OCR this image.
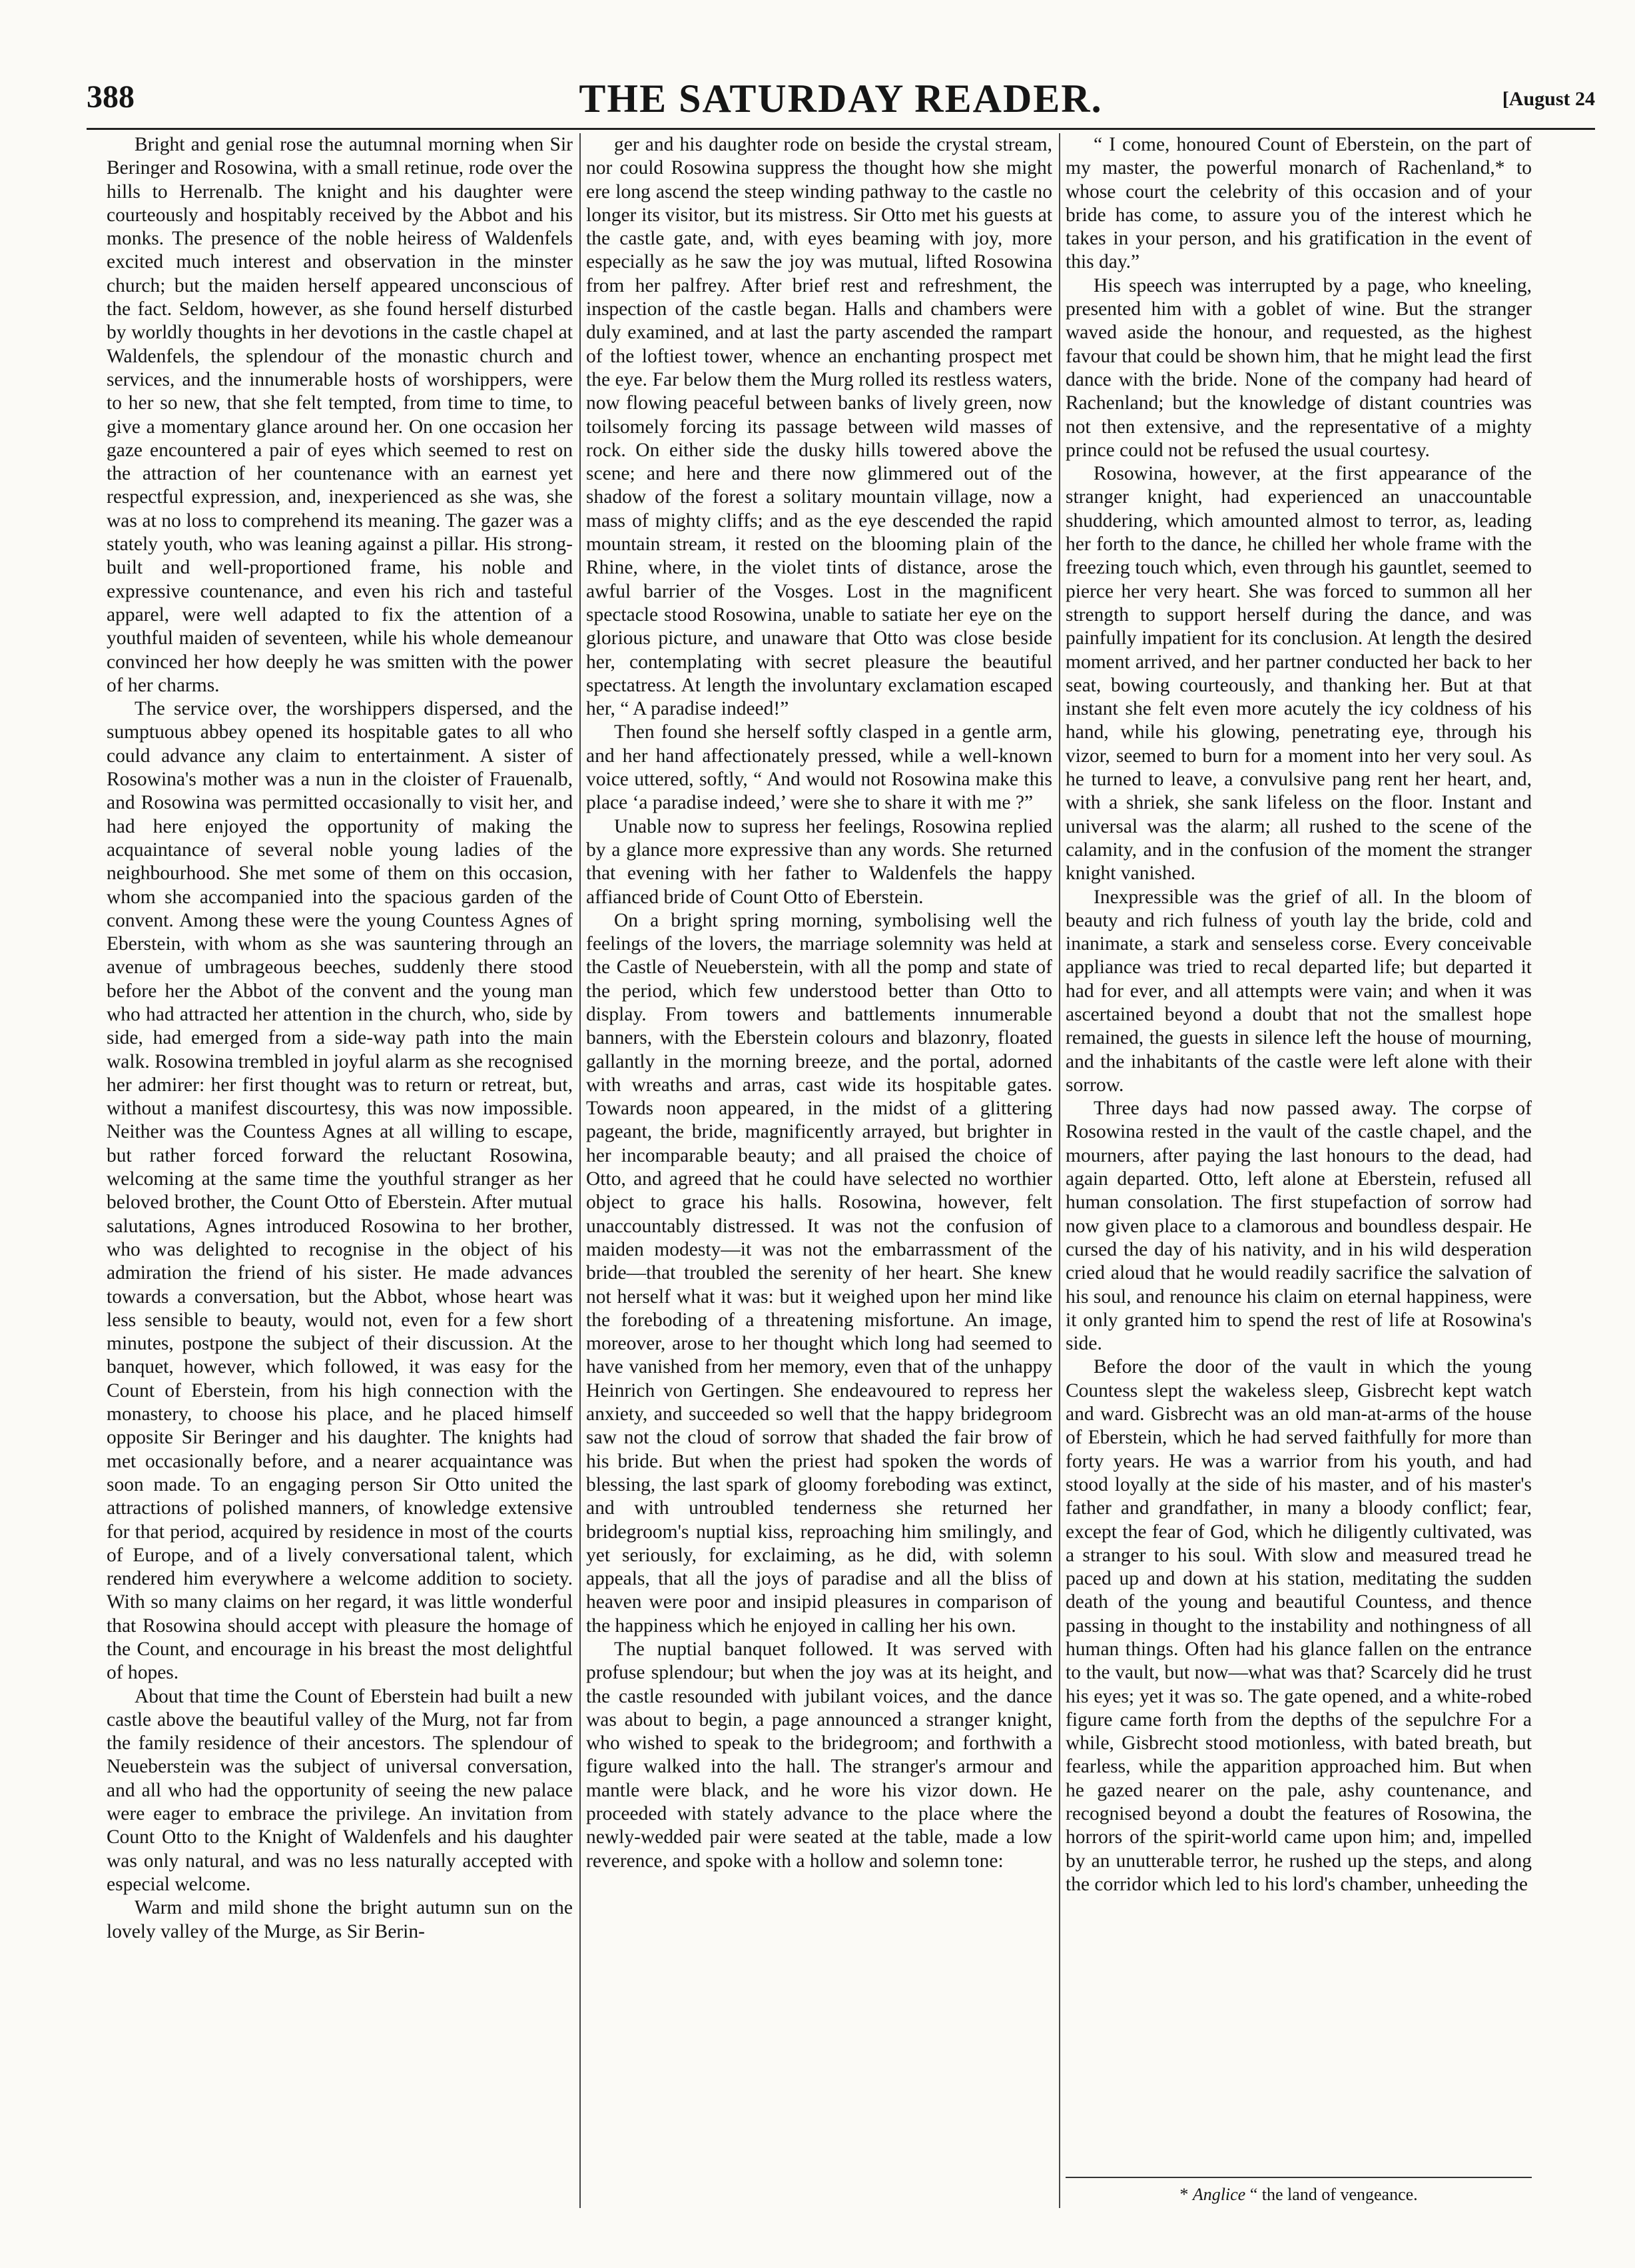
388	THE SATURDAY READER.	[August 24

Bright and genial rose the autumnal morning when Sir Beringer and Rosowina, with a small retinue, rode over the hills to Herrenalb. The knight and his daughter were courteously and hospitably received by the Abbot and his monks. The presence of the noble heiress of Waldenfels excited much interest and observation in the minster church; but the maiden herself appeared unconscious of the fact. Seldom, however, as she found herself disturbed by worldly thoughts in her devotions in the castle chapel at Waldenfels, the splendour of the monastic church and services, and the innumerable hosts of worshippers, were to her so new, that she felt tempted, from time to time, to give a momentary glance around her. On one occasion her gaze encountered a pair of eyes which seemed to rest on the attraction of her countenance with an earnest yet respectful expression, and, inexperienced as she was, she was at no loss to comprehend its meaning. The gazer was a stately youth, who was leaning against a pillar. His strong-built and well-proportioned frame, his noble and expressive countenance, and even his rich and tasteful apparel, were well adapted to fix the attention of a youthful maiden of seventeen, while his whole demeanour convinced her how deeply he was smitten with the power of her charms.

The service over, the worshippers dispersed, and the sumptuous abbey opened its hospitable gates to all who could advance any claim to entertainment. A sister of Rosowina's mother was a nun in the cloister of Frauenalb, and Rosowina was permitted occasionally to visit her, and had here enjoyed the opportunity of making the acquaintance of several noble young ladies of the neighbourhood. She met some of them on this occasion, whom she accompanied into the spacious garden of the convent. Among these were the young Countess Agnes of Eberstein, with whom as she was sauntering through an avenue of umbrageous beeches, suddenly there stood before her the Abbot of the convent and the young man who had attracted her attention in the church, who, side by side, had emerged from a side-way path into the main walk. Rosowina trembled in joyful alarm as she recognised her admirer: her first thought was to return or retreat, but, without a manifest discourtesy, this was now impossible. Neither was the Countess Agnes at all willing to escape, but rather forced forward the reluctant Rosowina, welcoming at the same time the youthful stranger as her beloved brother, the Count Otto of Eberstein. After mutual salutations, Agnes introduced Rosowina to her brother, who was delighted to recognise in the object of his admiration the friend of his sister. He made advances towards a conversation, but the Abbot, whose heart was less sensible to beauty, would not, even for a few short minutes, postpone the subject of their discussion. At the banquet, however, which followed, it was easy for the Count of Eberstein, from his high connection with the monastery, to choose his place, and he placed himself opposite Sir Beringer and his daughter. The knights had met occasionally before, and a nearer acquaintance was soon made. To an engaging person Sir Otto united the attractions of polished manners, of knowledge extensive for that period, acquired by residence in most of the courts of Europe, and of a lively conversational talent, which rendered him everywhere a welcome addition to society. With so many claims on her regard, it was little wonderful that Rosowina should accept with pleasure the homage of the Count, and encourage in his breast the most delightful of hopes.

About that time the Count of Eberstein had built a new castle above the beautiful valley of the Murg, not far from the family residence of their ancestors. The splendour of Neueberstein was the subject of universal conversation, and all who had the opportunity of seeing the new palace were eager to embrace the privilege. An invitation from Count Otto to the Knight of Waldenfels and his daughter was only natural, and was no less naturally accepted with especial welcome.

Warm and mild shone the bright autumn sun on the lovely valley of the Murge, as Sir Berin-

ger and his daughter rode on beside the crystal stream, nor could Rosowina suppress the thought how she might ere long ascend the steep winding pathway to the castle no longer its visitor, but its mistress. Sir Otto met his guests at the castle gate, and, with eyes beaming with joy, more especially as he saw the joy was mutual, lifted Rosowina from her palfrey. After brief rest and refreshment, the inspection of the castle began. Halls and chambers were duly examined, and at last the party ascended the rampart of the loftiest tower, whence an enchanting prospect met the eye. Far below them the Murg rolled its restless waters, now flowing peaceful between banks of lively green, now toilsomely forcing its passage between wild masses of rock. On either side the dusky hills towered above the scene; and here and there now glimmered out of the shadow of the forest a solitary mountain village, now a mass of mighty cliffs; and as the eye descended the rapid mountain stream, it rested on the blooming plain of the Rhine, where, in the violet tints of distance, arose the awful barrier of the Vosges. Lost in the magnificent spectacle stood Rosowina, unable to satiate her eye on the glorious picture, and unaware that Otto was close beside her, contemplating with secret pleasure the beautiful spectatress. At length the involuntary exclamation escaped her, “ A paradise indeed!”

Then found she herself softly clasped in a gentle arm, and her hand affectionately pressed, while a well-known voice uttered, softly, “ And would not Rosowina make this place ‘a paradise indeed,’ were she to share it with me ?”

Unable now to supress her feelings, Rosowina replied by a glance more expressive than any words. She returned that evening with her father to Waldenfels the happy affianced bride of Count Otto of Eberstein.

On a bright spring morning, symbolising well the feelings of the lovers, the marriage solemnity was held at the Castle of Neueberstein, with all the pomp and state of the period, which few understood better than Otto to display. From towers and battlements innumerable banners, with the Eberstein colours and blazonry, floated gallantly in the morning breeze, and the portal, adorned with wreaths and arras, cast wide its hospitable gates. Towards noon appeared, in the midst of a glittering pageant, the bride, magnificently arrayed, but brighter in her incomparable beauty; and all praised the choice of Otto, and agreed that he could have selected no worthier object to grace his halls. Rosowina, however, felt unaccountably distressed. It was not the confusion of maiden modesty—it was not the embarrassment of the bride—that troubled the serenity of her heart. She knew not herself what it was: but it weighed upon her mind like the foreboding of a threatening misfortune. An image, moreover, arose to her thought which long had seemed to have vanished from her memory, even that of the unhappy Heinrich von Gertingen. She endeavoured to repress her anxiety, and succeeded so well that the happy bridegroom saw not the cloud of sorrow that shaded the fair brow of his bride. But when the priest had spoken the words of blessing, the last spark of gloomy foreboding was extinct, and with untroubled tenderness she returned her bridegroom's nuptial kiss, reproaching him smilingly, and yet seriously, for exclaiming, as he did, with solemn appeals, that all the joys of paradise and all the bliss of heaven were poor and insipid pleasures in comparison of the happiness which he enjoyed in calling her his own.

The nuptial banquet followed. It was served with profuse splendour; but when the joy was at its height, and the castle resounded with jubilant voices, and the dance was about to begin, a page announced a stranger knight, who wished to speak to the bridegroom; and forthwith a figure walked into the hall. The stranger's armour and mantle were black, and he wore his vizor down. He proceeded with stately advance to the place where the newly-wedded pair were seated at the table, made a low reverence, and spoke with a hollow and solemn tone:

“ I come, honoured Count of Eberstein, on the part of my master, the powerful monarch of Rachenland,* to whose court the celebrity of this occasion and of your bride has come, to assure you of the interest which he takes in your person, and his gratification in the event of this day.”

His speech was interrupted by a page, who kneeling, presented him with a goblet of wine. But the stranger waved aside the honour, and requested, as the highest favour that could be shown him, that he might lead the first dance with the bride. None of the company had heard of Rachenland; but the knowledge of distant countries was not then extensive, and the representative of a mighty prince could not be refused the usual courtesy.

Rosowina, however, at the first appearance of the stranger knight, had experienced an unaccountable shuddering, which amounted almost to terror, as, leading her forth to the dance, he chilled her whole frame with the freezing touch which, even through his gauntlet, seemed to pierce her very heart. She was forced to summon all her strength to support herself during the dance, and was painfully impatient for its conclusion. At length the desired moment arrived, and her partner conducted her back to her seat, bowing courteously, and thanking her. But at that instant she felt even more acutely the icy coldness of his hand, while his glowing, penetrating eye, through his vizor, seemed to burn for a moment into her very soul. As he turned to leave, a convulsive pang rent her heart, and, with a shriek, she sank lifeless on the floor. Instant and universal was the alarm; all rushed to the scene of the calamity, and in the confusion of the moment the stranger knight vanished.

Inexpressible was the grief of all. In the bloom of beauty and rich fulness of youth lay the bride, cold and inanimate, a stark and senseless corse. Every conceivable appliance was tried to recal departed life; but departed it had for ever, and all attempts were vain; and when it was ascertained beyond a doubt that not the smallest hope remained, the guests in silence left the house of mourning, and the inhabitants of the castle were left alone with their sorrow.

Three days had now passed away. The corpse of Rosowina rested in the vault of the castle chapel, and the mourners, after paying the last honours to the dead, had again departed. Otto, left alone at Eberstein, refused all human consolation. The first stupefaction of sorrow had now given place to a clamorous and boundless despair. He cursed the day of his nativity, and in his wild desperation cried aloud that he would readily sacrifice the salvation of his soul, and renounce his claim on eternal happiness, were it only granted him to spend the rest of life at Rosowina's side.

Before the door of the vault in which the young Countess slept the wakeless sleep, Gisbrecht kept watch and ward. Gisbrecht was an old man-at-arms of the house of Eberstein, which he had served faithfully for more than forty years. He was a warrior from his youth, and had stood loyally at the side of his master, and of his master's father and grandfather, in many a bloody conflict; fear, except the fear of God, which he diligently cultivated, was a stranger to his soul. With slow and measured tread he paced up and down at his station, meditating the sudden death of the young and beautiful Countess, and thence passing in thought to the instability and nothingness of all human things. Often had his glance fallen on the entrance to the vault, but now—what was that? Scarcely did he trust his eyes; yet it was so. The gate opened, and a white-robed figure came forth from the depths of the sepulchre For a while, Gisbrecht stood motionless, with bated breath, but fearless, while the apparition approached him. But when he gazed nearer on the pale, ashy countenance, and recognised beyond a doubt the features of Rosowina, the horrors of the spirit-world came upon him; and, impelled by an unutterable terror, he rushed up the steps, and along the corridor which led to his lord's chamber, unheeding the

* Anglice “ the land of vengeance.
